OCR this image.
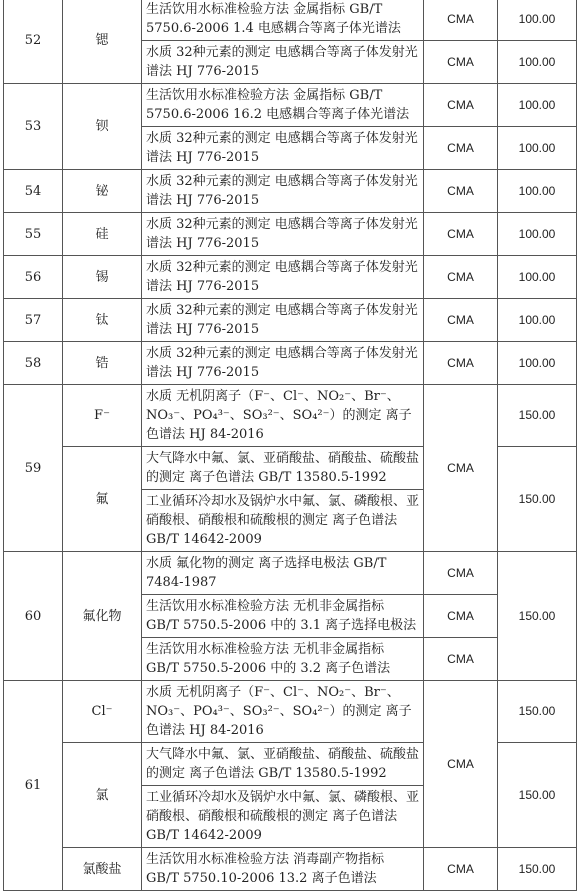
52	锶	生活饮用水标准检验方法 金属指标 GB/T 5750.6-2006 1.4 电感耦合等离子体光谱法	CMA	100.00
		水质 32种元素的测定 电感耦合等离子体发射光谱法 HJ 776-2015	CMA	100.00
53	钡	生活饮用水标准检验方法 金属指标 GB/T 5750.6-2006 16.2 电感耦合等离子体光谱法	CMA	100.00
		水质 32种元素的测定 电感耦合等离子体发射光谱法 HJ 776-2015	CMA	100.00
54	铋	水质 32种元素的测定 电感耦合等离子体发射光谱法 HJ 776-2015	CMA	100.00
55	硅	水质 32种元素的测定 电感耦合等离子体发射光谱法 HJ 776-2015	CMA	100.00
56	锡	水质 32种元素的测定 电感耦合等离子体发射光谱法 HJ 776-2015	CMA	100.00
57	钛	水质 32种元素的测定 电感耦合等离子体发射光谱法 HJ 776-2015	CMA	100.00
58	锆	水质 32种元素的测定 电感耦合等离子体发射光谱法 HJ 776-2015	CMA	100.00
59	F⁻	水质 无机阴离子（F⁻、Cl⁻、NO₂⁻、Br⁻、NO₃⁻、PO₄³⁻、SO₃²⁻、SO₄²⁻）的测定 离子色谱法 HJ 84-2016	CMA	150.00
	氟	大气降水中氟、氯、亚硝酸盐、硝酸盐、硫酸盐的测定 离子色谱法 GB/T 13580.5-1992		150.00
		工业循环冷却水及锅炉水中氟、氯、磷酸根、亚硝酸根、硝酸根和硫酸根的测定 离子色谱法 GB/T 14642-2009		
60	氟化物	水质 氟化物的测定 离子选择电极法 GB/T 7484-1987	CMA	150.00
		生活饮用水标准检验方法 无机非金属指标 GB/T 5750.5-2006 中的 3.1 离子选择电极法	CMA	
		生活饮用水标准检验方法 无机非金属指标 GB/T 5750.5-2006 中的 3.2 离子色谱法	CMA	
61	Cl⁻	水质 无机阴离子（F⁻、Cl⁻、NO₂⁻、Br⁻、NO₃⁻、PO₄³⁻、SO₃²⁻、SO₄²⁻）的测定 离子色谱法 HJ 84-2016	CMA	150.00
	氯	大气降水中氟、氯、亚硝酸盐、硝酸盐、硫酸盐的测定 离子色谱法 GB/T 13580.5-1992		150.00
		工业循环冷却水及锅炉水中氟、氯、磷酸根、亚硝酸根、硝酸根和硫酸根的测定 离子色谱法 GB/T 14642-2009		
	氯酸盐	生活饮用水标准检验方法 消毒副产物指标 GB/T 5750.10-2006 13.2 离子色谱法	CMA	150.00
